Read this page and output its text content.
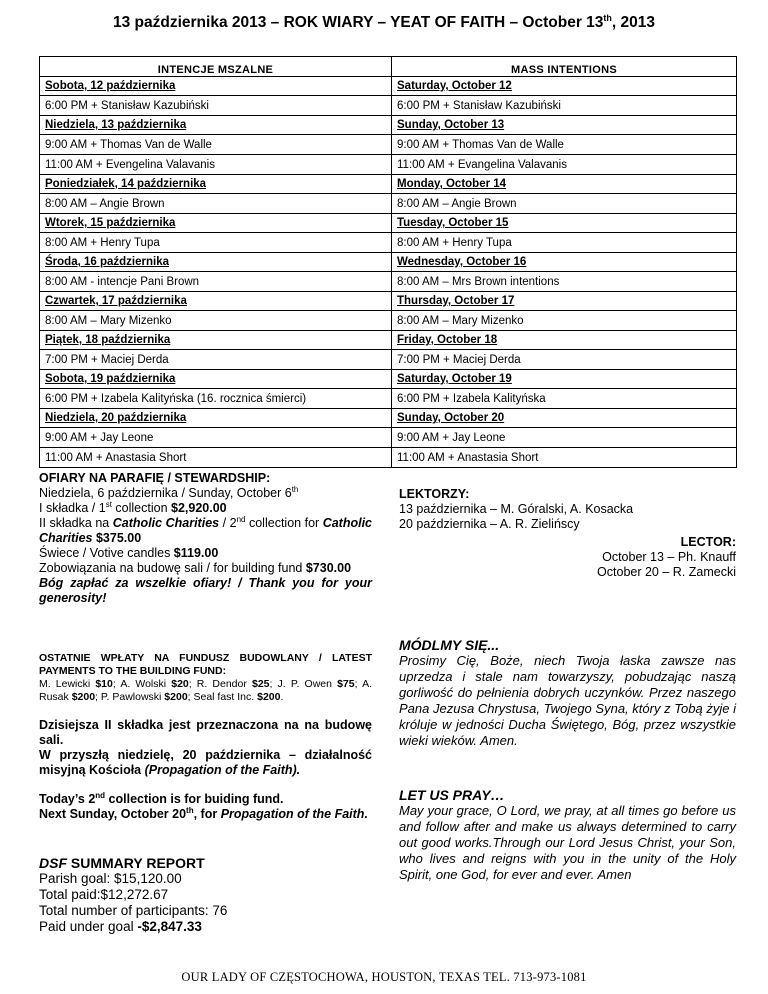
13 października 2013 – ROK WIARY – YEAT OF FAITH – October 13th, 2013
INTENCJE MSZALNE	MASS INTENTIONS
Sobota, 12 października	Saturday, October 12
6:00 PM + Stanisław Kazubiński	6:00 PM + Stanisław Kazubiński
Niedziela, 13 października	Sunday, October 13
9:00 AM + Thomas Van de Walle	9:00 AM + Thomas Van de Walle
11:00 AM + Evengelina Valavanis	11:00 AM + Evangelina Valavanis
Poniedziałek, 14 października	Monday, October 14
8:00 AM – Angie Brown	8:00 AM – Angie Brown
Wtorek, 15 października	Tuesday, October 15
8:00 AM + Henry Tupa	8:00 AM + Henry Tupa
Środa, 16 października	Wednesday, October 16
8:00 AM - intencje Pani Brown	8:00 AM – Mrs Brown intentions
Czwartek, 17 października	Thursday, October 17
8:00 AM – Mary Mizenko	8:00 AM – Mary Mizenko
Piątek, 18 października	Friday, October 18
7:00 PM + Maciej Derda	7:00 PM + Maciej Derda
Sobota, 19 października	Saturday, October 19
6:00 PM + Izabela Kalityńska (16. rocznica śmierci)	6:00 PM + Izabela Kalityńska
Niedziela, 20 października	Sunday, October 20
9:00 AM + Jay Leone	9:00 AM + Jay Leone
11:00 AM + Anastasia Short	11:00 AM + Anastasia Short
OFIARY NA PARAFIĘ / STEWARDSHIP:
Niedziela, 6 października / Sunday, October 6th
I składka / 1st collection $2,920.00
II składka na Catholic Charities / 2nd collection for Catholic Charities $375.00
Świece / Votive candles $119.00
Zobowiązania na budowę sali / for building fund $730.00
Bóg zapłać za wszelkie ofiary! / Thank you for your generosity!
OSTATNIE WPŁATY NA FUNDUSZ BUDOWLANY / LATEST PAYMENTS TO THE BUILDING FUND:
M. Lewicki $10; A. Wolski $20; R. Dendor $25; J. P. Owen $75; A. Rusak $200; P. Pawlowski $200; Seal fast Inc. $200.
Dzisiejsza II składka jest przeznaczona na na budowę sali.
W przyszłą niedzielę, 20 października – działalność misyjną Kościoła (Propagation of the Faith).
Today’s 2nd collection is for buiding fund.
Next Sunday, October 20th, for Propagation of the Faith.
DSF SUMMARY REPORT
Parish goal: $15,120.00
Total paid:$12,272.67
Total number of participants: 76
Paid under goal -$2,847.33
LEKTORZY:
13 października – M. Góralski, A. Kosacka
20 października – A. R. Zielińscy
LECTOR:
October 13 – Ph. Knauff
October 20 – R. Zamecki
MÓDLMY SIĘ...
Prosimy Cię, Boże, niech Twoja łaska zawsze nas uprzedza i stale nam towarzyszy, pobudzając naszą gorliwość do pełnienia dobrych uczynków. Przez naszego Pana Jezusa Chrystusa, Twojego Syna, który z Tobą żyje i króluje w jedności Ducha Świętego, Bóg, przez wszystkie wieki wieków. Amen.
LET US PRAY…
May your grace, O Lord, we pray, at all times go before us and follow after and make us always determined to carry out good works.Through our Lord Jesus Christ, your Son, who lives and reigns with you in the unity of the Holy Spirit, one God, for ever and ever. Amen
OUR LADY OF CZĘSTOCHOWA, HOUSTON, TEXAS TEL. 713-973-1081
